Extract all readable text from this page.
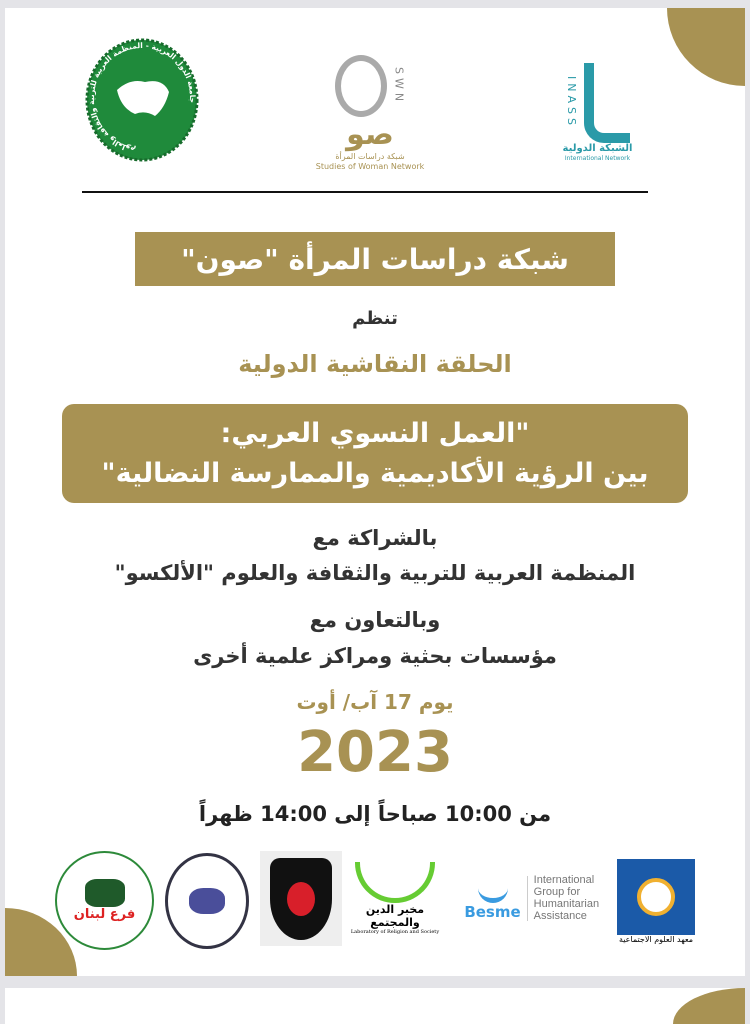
جامعة الدول العربية - المنظمة العربية للتربية والثقافة والعلوم	SWN
صو
شبكة دراسات المرأة
Studies of Woman Network
INASS
الشبكة الدولية
International Network
شبكة دراسات المرأة "صون"
تنظم
الحلقة النقاشية الدولية
"العمل النسوي العربي:
بين الرؤية الأكاديمية والممارسة النضالية"
بالشراكة مع
المنظمة العربية للتربية والثقافة والعلوم "الألكسو"
وبالتعاون مع
مؤسسات بحثية ومراكز علمية أخرى
يوم 17 آب/ أوت
2023
من 10:00 صباحاً إلى 14:00 ظهراً
فرع لبنان	مخبر الدين والمجتمع
Laboratory of Religion and Society
Besme
International Group for Humanitarian Assistance
معهد العلوم الاجتماعية
